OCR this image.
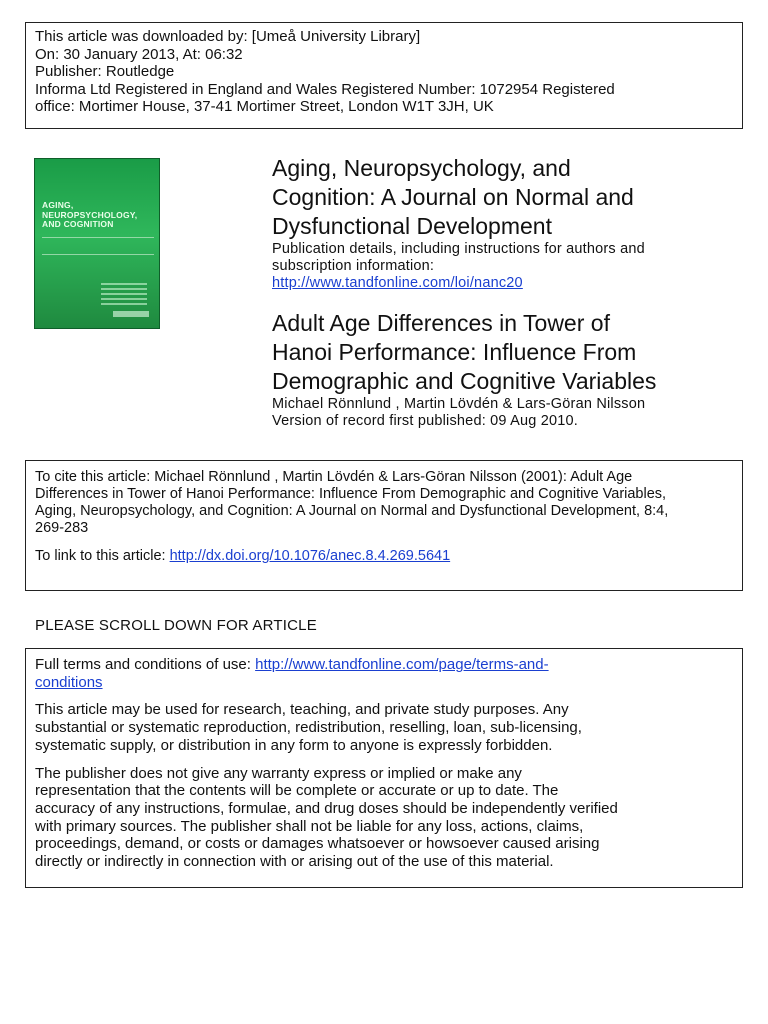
This article was downloaded by: [Umeå University Library]
On: 30 January 2013, At: 06:32
Publisher: Routledge
Informa Ltd Registered in England and Wales Registered Number: 1072954 Registered
office: Mortimer House, 37-41 Mortimer Street, London W1T 3JH, UK
AGING, NEUROPSYCHOLOGY, AND COGNITION
Aging, Neuropsychology, and
Cognition: A Journal on Normal and
Dysfunctional Development
Publication details, including instructions for authors and
subscription information:
http://www.tandfonline.com/loi/nanc20
Adult Age Differences in Tower of
Hanoi Performance: Influence From
Demographic and Cognitive Variables
Michael Rönnlund , Martin Lövdén & Lars-Göran Nilsson
Version of record first published: 09 Aug 2010.
To cite this article: Michael Rönnlund , Martin Lövdén & Lars-Göran Nilsson (2001): Adult Age
Differences in Tower of Hanoi Performance: Influence From Demographic and Cognitive Variables,
Aging, Neuropsychology, and Cognition: A Journal on Normal and Dysfunctional Development, 8:4,
269-283
To link to this article: http://dx.doi.org/10.1076/anec.8.4.269.5641
PLEASE SCROLL DOWN FOR ARTICLE

Full terms and conditions of use: http://www.tandfonline.com/page/terms-and-
conditions

This article may be used for research, teaching, and private study purposes. Any
substantial or systematic reproduction, redistribution, reselling, loan, sub-licensing,
systematic supply, or distribution in any form to anyone is expressly forbidden.

The publisher does not give any warranty express or implied or make any
representation that the contents will be complete or accurate or up to date. The
accuracy of any instructions, formulae, and drug doses should be independently verified
with primary sources. The publisher shall not be liable for any loss, actions, claims,
proceedings, demand, or costs or damages whatsoever or howsoever caused arising
directly or indirectly in connection with or arising out of the use of this material.
